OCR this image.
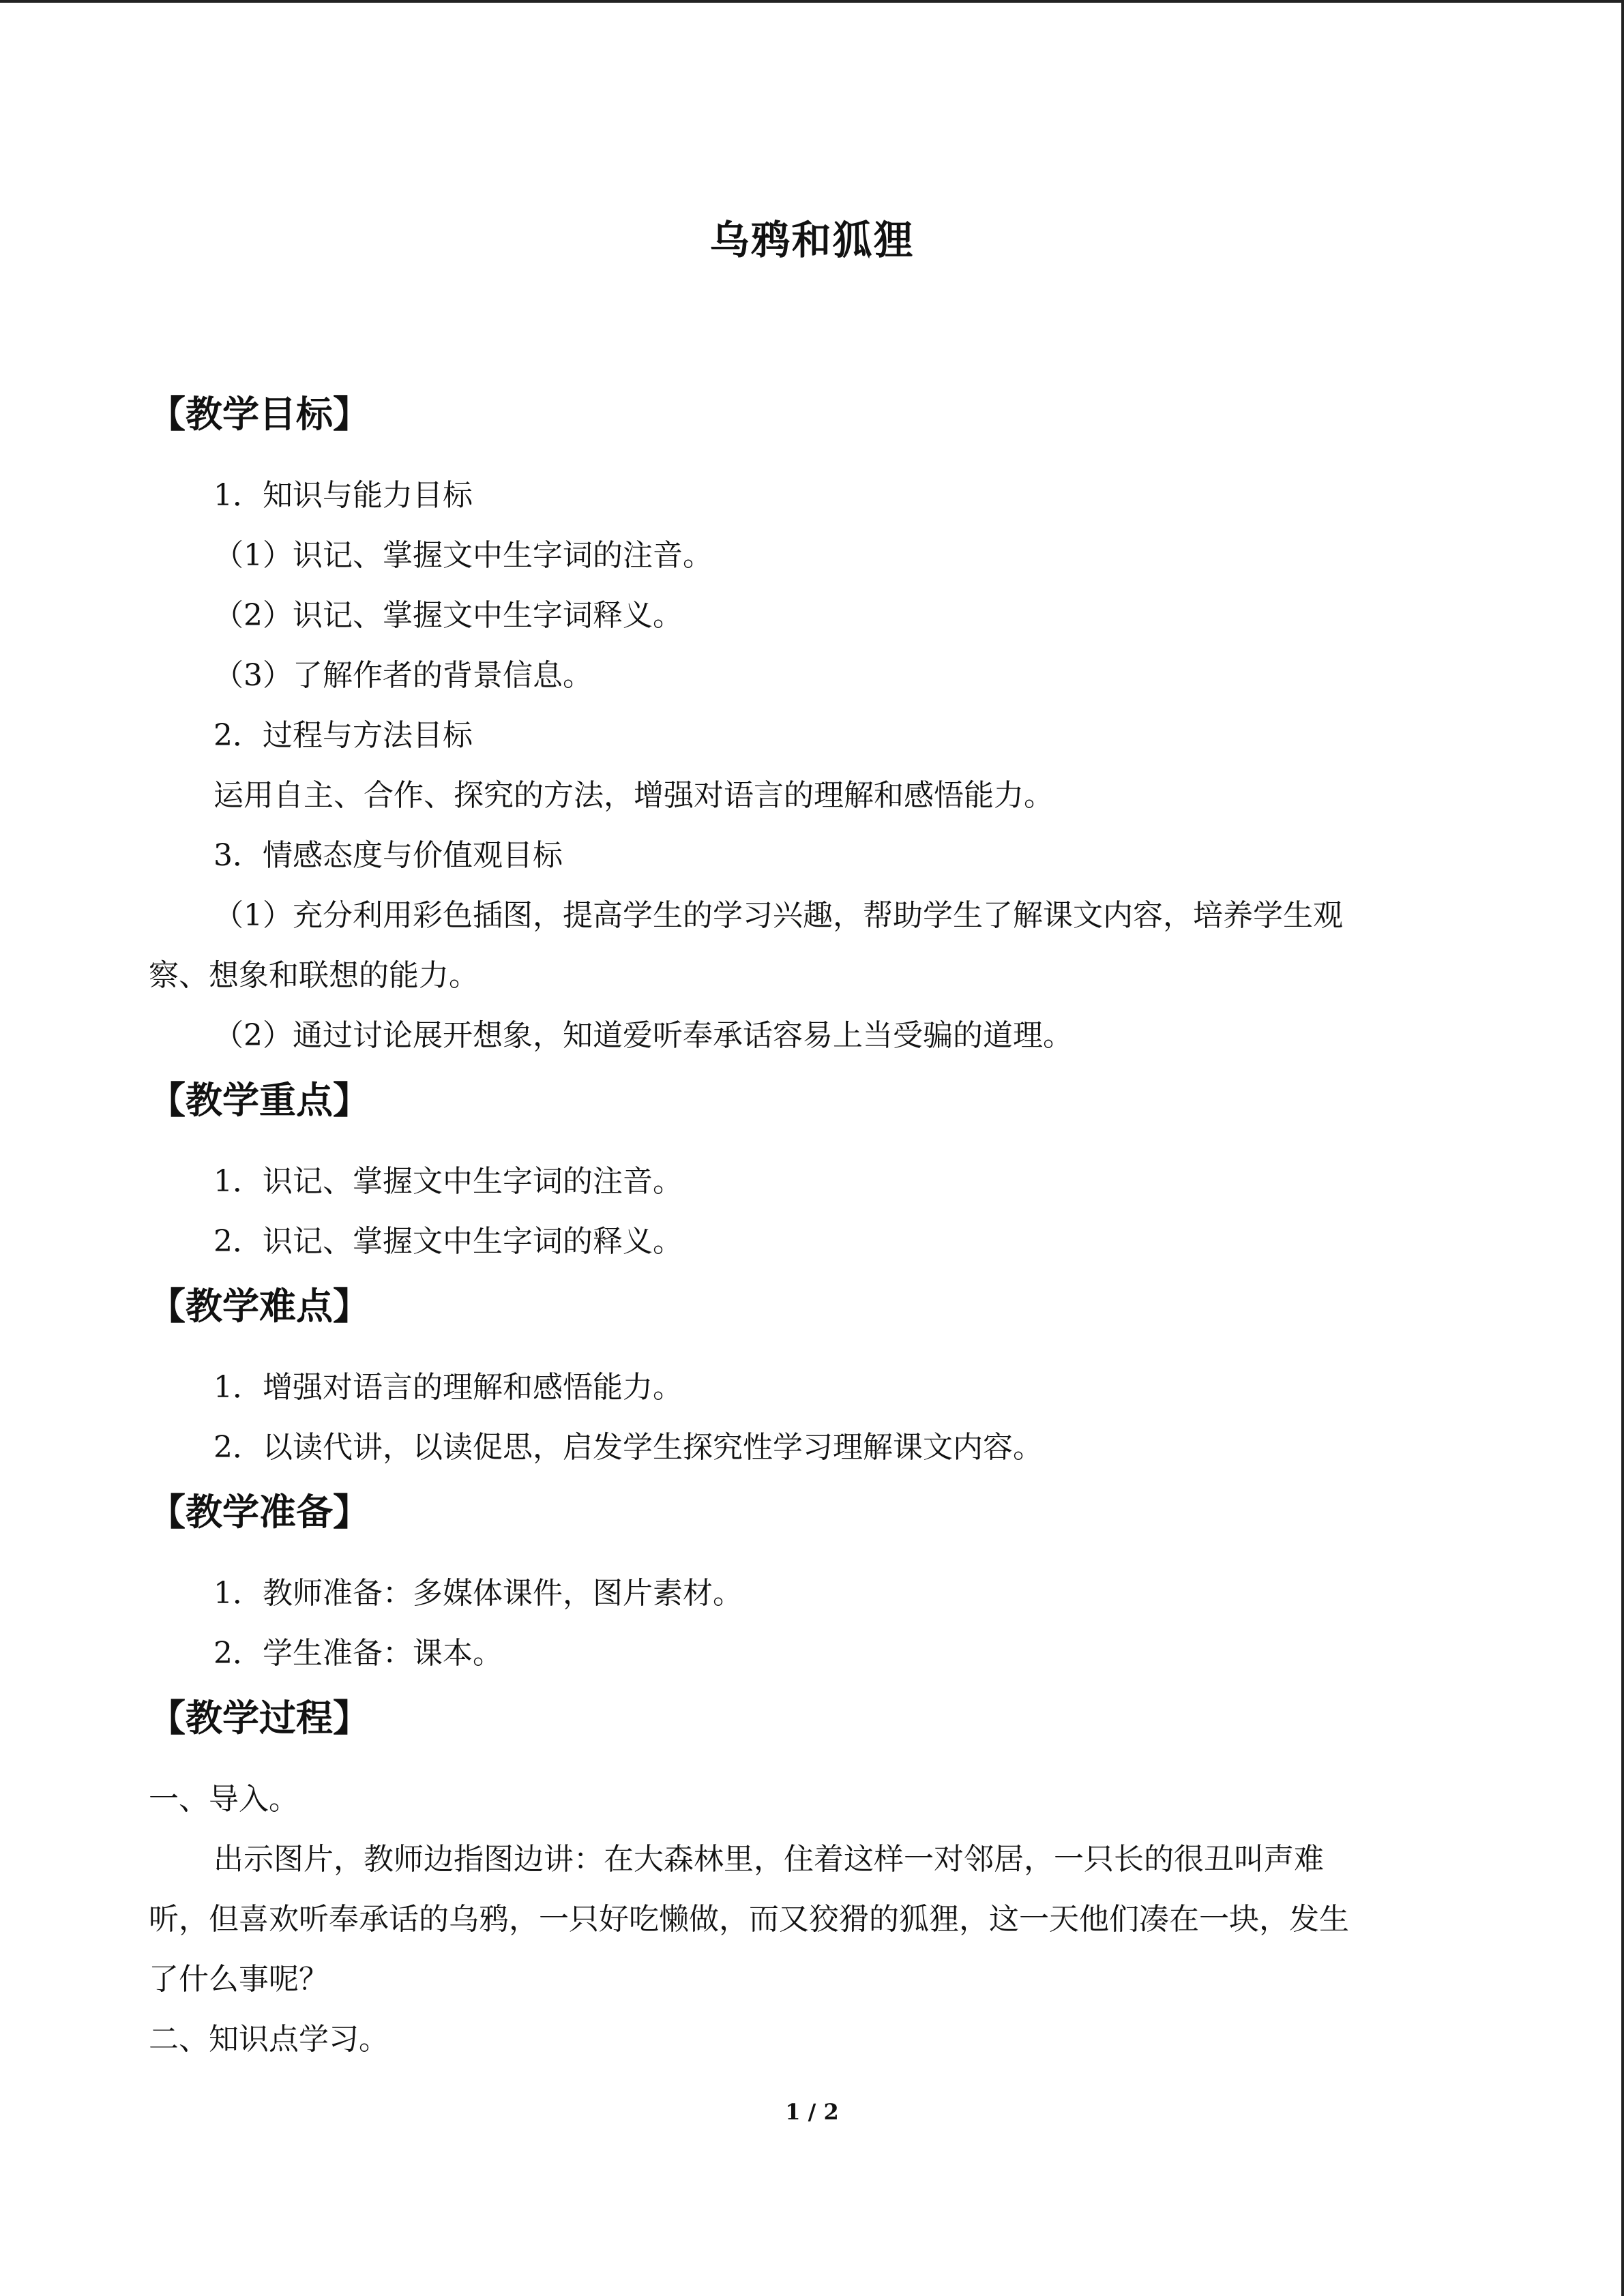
乌鸦和狐狸
【教学目标】
1．知识与能力目标
（1）识记、掌握文中生字词的注音。
（2）识记、掌握文中生字词释义。
（3）了解作者的背景信息。
2．过程与方法目标
运用自主、合作、探究的方法，增强对语言的理解和感悟能力。
3．情感态度与价值观目标
（1）充分利用彩色插图，提高学生的学习兴趣，帮助学生了解课文内容，培养学生观
察、想象和联想的能力。
（2）通过讨论展开想象，知道爱听奉承话容易上当受骗的道理。
【教学重点】
1．识记、掌握文中生字词的注音。
2．识记、掌握文中生字词的释义。
【教学难点】
1．增强对语言的理解和感悟能力。
2．以读代讲，以读促思，启发学生探究性学习理解课文内容。
【教学准备】
1．教师准备：多媒体课件，图片素材。
2．学生准备：课本。
【教学过程】
一、导入。
出示图片，教师边指图边讲：在大森林里，住着这样一对邻居，一只长的很丑叫声难
听，但喜欢听奉承话的乌鸦，一只好吃懒做，而又狡猾的狐狸，这一天他们凑在一块，发生
了什么事呢？
二、知识点学习。
1 / 2
